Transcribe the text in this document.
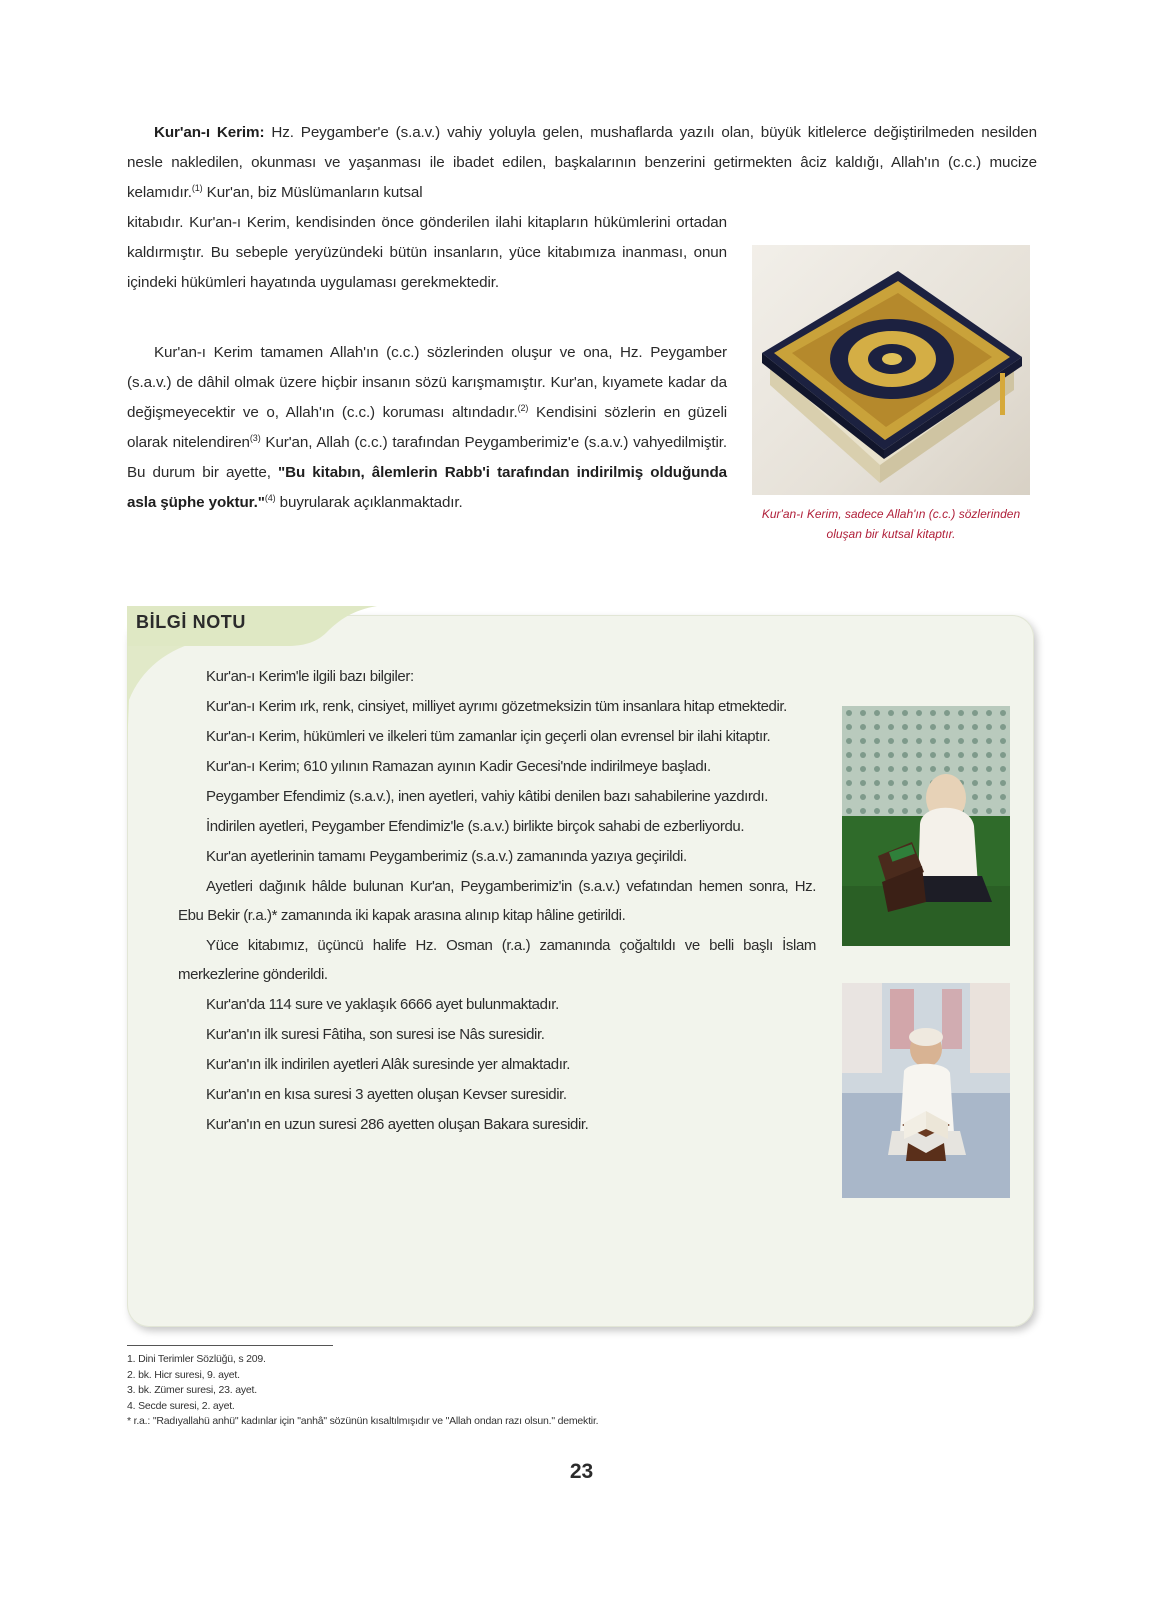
Kur'an-ı Kerim: Hz. Peygamber'e (s.a.v.) vahiy yoluyla gelen, mushaflarda yazılı olan, büyük kitlelerce değiştirilmeden nesilden nesle nakledilen, okunması ve yaşanması ile ibadet edilen, başkalarının benzerini getirmekten âciz kaldığı, Allah'ın (c.c.) mucize kelamıdır.$^{(1)}$ Kur'an, biz Müslümanların kutsal

kitabıdır. Kur'an-ı Kerim, kendisinden önce gönderilen ilahi kitapların hükümlerini ortadan kaldırmıştır. Bu sebeple yeryüzündeki bütün insanların, yüce kitabımıza inanması, onun içindeki hükümleri hayatında uygulaması gerekmektedir.

Kur'an-ı Kerim tamamen Allah'ın (c.c.) sözlerinden oluşur ve ona, Hz. Peygamber (s.a.v.) de dâhil olmak üzere hiçbir insanın sözü karışmamıştır. Kur'an, kıyamete kadar da değişmeyecektir ve o, Allah'ın (c.c.) koruması altındadır.$^{(2)}$ Kendisini sözlerin en güzeli olarak nitelendiren$^{(3)}$ Kur'an, Allah (c.c.) tarafından Peygamberimiz'e (s.a.v.) vahyedilmiştir. Bu durum bir ayette, "Bu kitabın, âlemlerin Rabb'i tarafından indirilmiş olduğunda asla şüphe yoktur."$^{(4)}$ buyrularak açıklanmaktadır.

Kur'an-ı Kerim, sadece Allah'ın (c.c.) sözlerinden oluşan bir kutsal kitaptır.
BİLGİ NOTU

Kur'an-ı Kerim'le ilgili bazı bilgiler:

Kur'an-ı Kerim ırk, renk, cinsiyet, milliyet ayrımı gözetmeksizin tüm insanlara hitap etmektedir.

Kur'an-ı Kerim, hükümleri ve ilkeleri tüm zamanlar için geçerli olan evrensel bir ilahi kitaptır.

Kur'an-ı Kerim; 610 yılının Ramazan ayının Kadir Gecesi'nde indirilmeye başladı.

Peygamber Efendimiz (s.a.v.), inen ayetleri, vahiy kâtibi denilen bazı sahabilerine yazdırdı.

İndirilen ayetleri, Peygamber Efendimiz'le (s.a.v.) birlikte birçok sahabi de ezberliyordu.

Kur'an ayetlerinin tamamı Peygamberimiz (s.a.v.) zamanında yazıya geçirildi.

Ayetleri dağınık hâlde bulunan Kur'an, Peygamberimiz'in (s.a.v.) vefatından hemen sonra, Hz. Ebu Bekir (r.a.)* zamanında iki kapak arasına alınıp kitap hâline getirildi.

Yüce kitabımız, üçüncü halife Hz. Osman (r.a.) zamanında çoğaltıldı ve belli başlı İslam merkezlerine gönderildi.

Kur'an'da 114 sure ve yaklaşık 6666 ayet bulunmaktadır.

Kur'an'ın ilk suresi Fâtiha, son suresi ise Nâs suresidir.

Kur'an'ın ilk indirilen ayetleri Alâk suresinde yer almaktadır.

Kur'an'ın en kısa suresi 3 ayetten oluşan Kevser suresidir.

Kur'an'ın en uzun suresi 286 ayetten oluşan Bakara suresidir.

1. Dini Terimler Sözlüğü, s 209.
2. bk. Hicr suresi, 9. ayet.
3. bk. Zümer suresi, 23. ayet.
4. Secde suresi, 2. ayet.
* r.a.: "Radıyallahü anhü" kadınlar için "anhâ" sözünün kısaltılmışıdır ve "Allah ondan razı olsun." demektir.
23
